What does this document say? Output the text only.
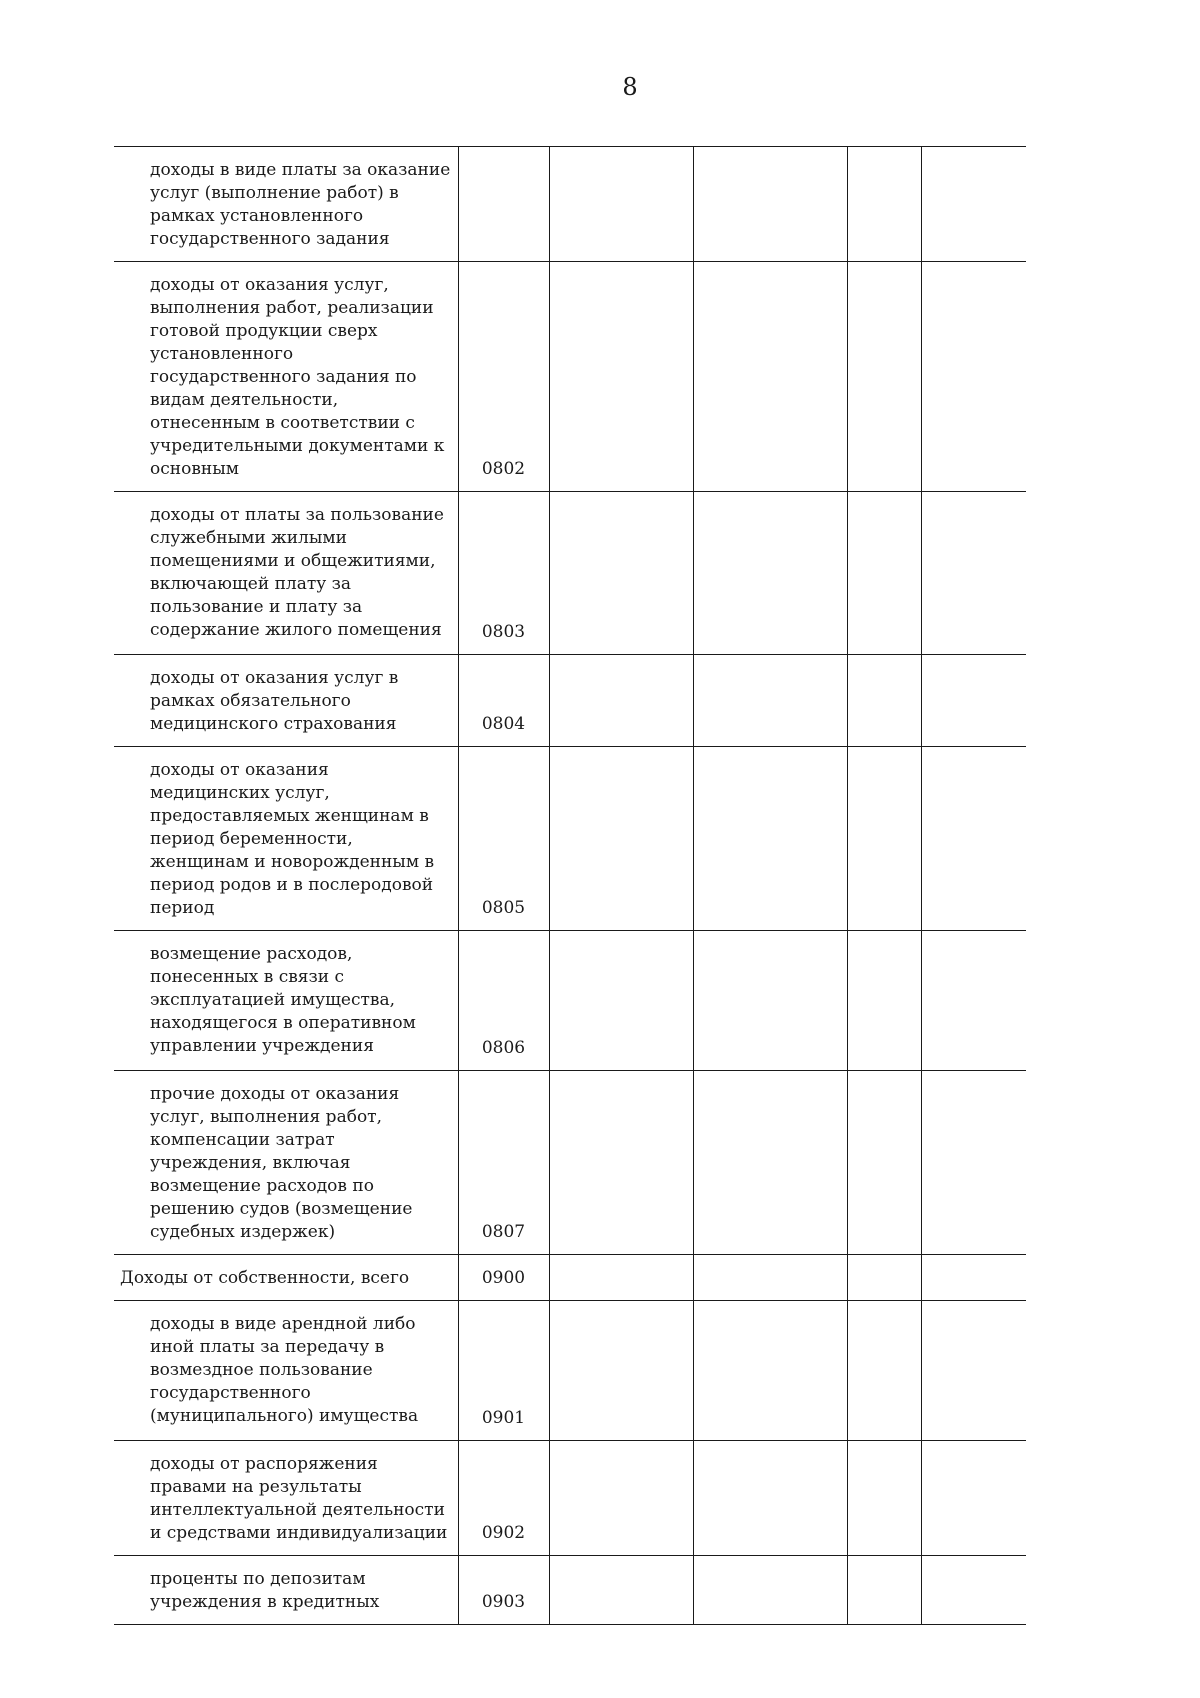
8
доходы в виде платы за оказание услуг (выполнение работ) в рамках установленного государственного задания					
доходы от оказания услуг, выполнения работ, реализации готовой продукции сверх установленного государственного задания по видам деятельности, отнесенным в соответствии с учредительными документами к основным	0802				
доходы от платы за пользование служебными жилыми помещениями и общежитиями, включающей плату за пользование и плату за содержание жилого помещения	0803				
доходы от оказания услуг в рамках обязательного медицинского страхования	0804				
доходы от оказания медицинских услуг, предоставляемых женщинам в период беременности, женщинам и новорожденным в период родов и в послеродовой период	0805				
возмещение расходов, понесенных в связи с эксплуатацией имущества, находящегося в оперативном управлении учреждения	0806				
прочие доходы от оказания услуг, выполнения работ, компенсации затрат учреждения, включая возмещение расходов по решению судов (возмещение судебных издержек)	0807				
Доходы от собственности, всего	0900				
доходы в виде арендной либо иной платы за передачу в возмездное пользование государственного (муниципального) имущества	0901				
доходы от распоряжения правами на результаты интеллектуальной деятельности и средствами индивидуализации	0902				
проценты по депозитам учреждения в кредитных	0903				
